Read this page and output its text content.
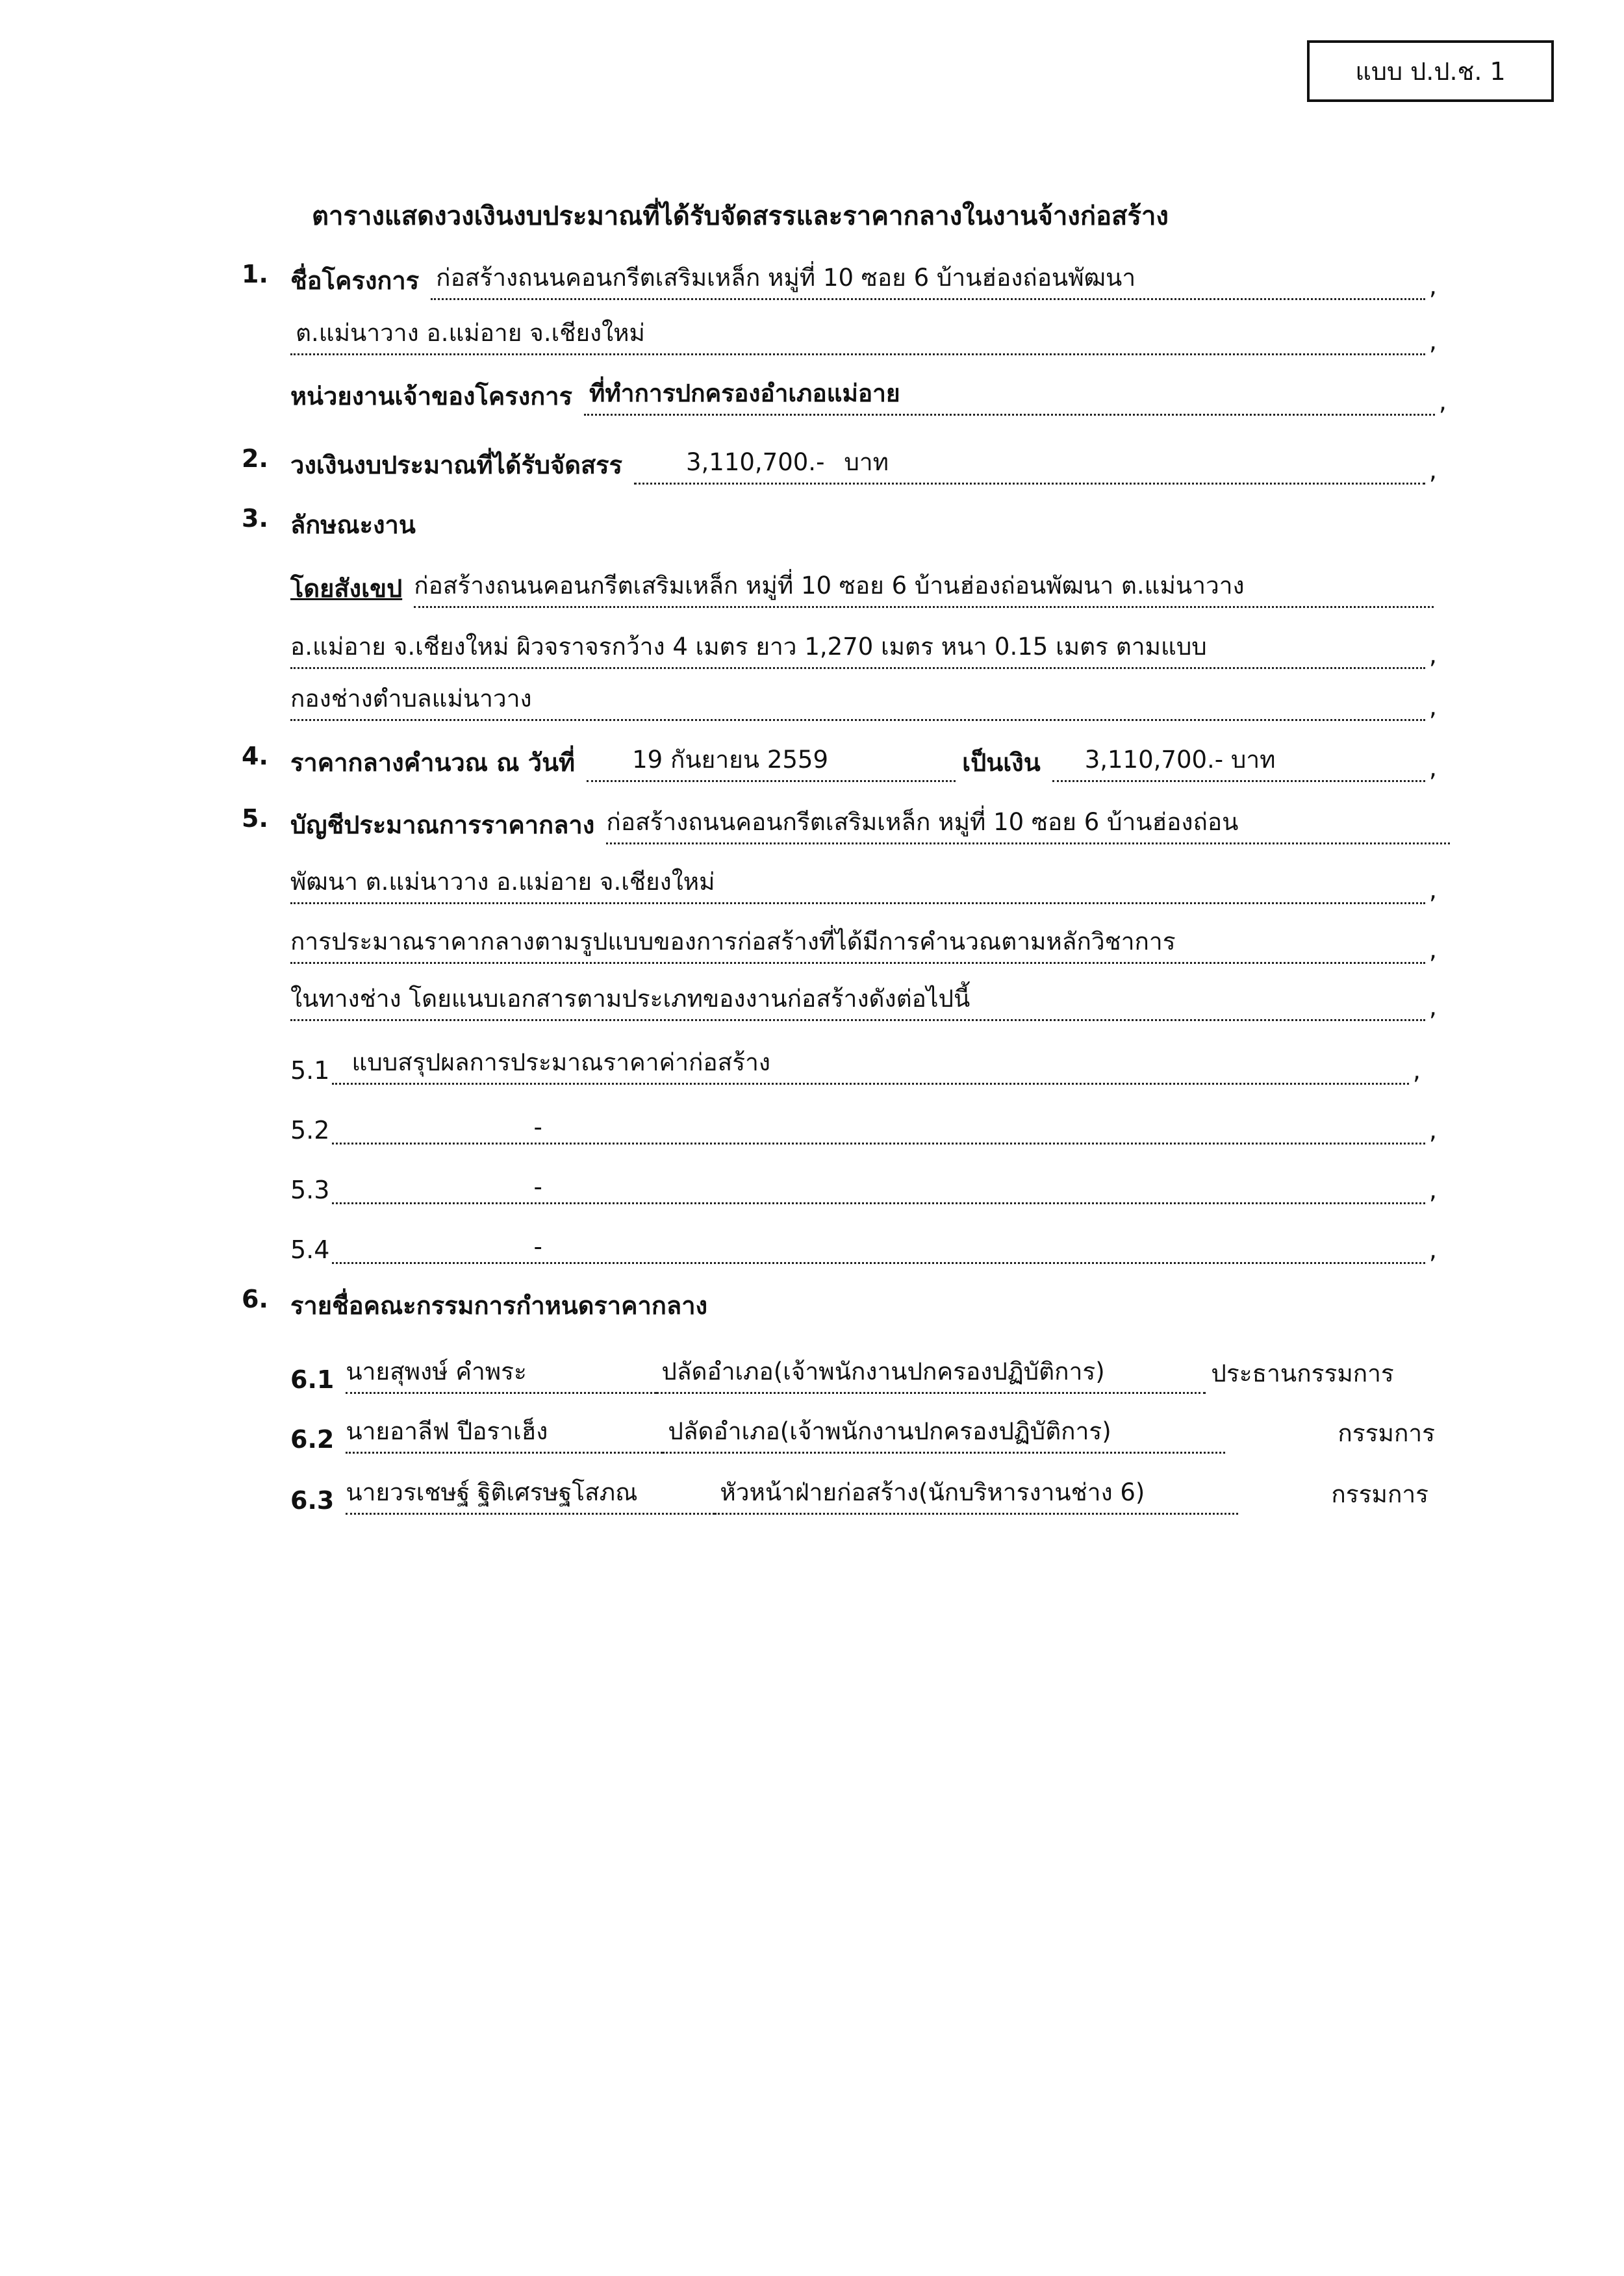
แบบ ป.ป.ช. 1
ตารางแสดงวงเงินงบประมาณที่ได้รับจัดสรรและราคากลางในงานจ้างก่อสร้าง
1. ชื่อโครงการ ก่อสร้างถนนคอนกรีตเสริมเหล็ก หมู่ที่ 10 ซอย 6 บ้านฮ่องถ่อนพัฒนา	,
ต.แม่นาวาง อ.แม่อาย จ.เชียงใหม่	,
หน่วยงานเจ้าของโครงการ ที่ทำการปกครองอำเภอแม่อาย	,
2. วงเงินงบประมาณที่ได้รับจัดสรร	3,110,700.- บาท	,
3. ลักษณะงาน
โดยสังเขป ก่อสร้างถนนคอนกรีตเสริมเหล็ก หมู่ที่ 10 ซอย 6 บ้านฮ่องถ่อนพัฒนา ต.แม่นาวาง
อ.แม่อาย จ.เชียงใหม่ ผิวจราจรกว้าง 4 เมตร ยาว 1,270 เมตร หนา 0.15 เมตร ตามแบบ	,
กองช่างตำบลแม่นาวาง	,
4. ราคากลางคำนวณ ณ วันที่	19 กันยายน 2559	เป็นเงิน	3,110,700.- บาท	,
5. บัญชีประมาณการราคากลาง ก่อสร้างถนนคอนกรีตเสริมเหล็ก หมู่ที่ 10 ซอย 6 บ้านฮ่องถ่อน
พัฒนา ต.แม่นาวาง อ.แม่อาย จ.เชียงใหม่	,
การประมาณราคากลางตามรูปแบบของการก่อสร้างที่ได้มีการคำนวณตามหลักวิชาการ	,
ในทางช่าง โดยแนบเอกสารตามประเภทของงานก่อสร้างดังต่อไปนี้	,
5.1 แบบสรุปผลการประมาณราคาค่าก่อสร้าง	,
5.2	-	,
5.3	-	,
5.4	-	,
6. รายชื่อคณะกรรมการกำหนดราคากลาง
6.1 นายสุพงษ์ คำพระ	ปลัดอำเภอ(เจ้าพนักงานปกครองปฏิบัติการ)	ประธานกรรมการ
6.2 นายอาลีฟ ปีอราเฮ็ง	ปลัดอำเภอ(เจ้าพนักงานปกครองปฏิบัติการ)	กรรมการ
6.3 นายวรเชษฐ์ ฐิติเศรษฐโสภณ	หัวหน้าฝ่ายก่อสร้าง(นักบริหารงานช่าง 6)	กรรมการ
